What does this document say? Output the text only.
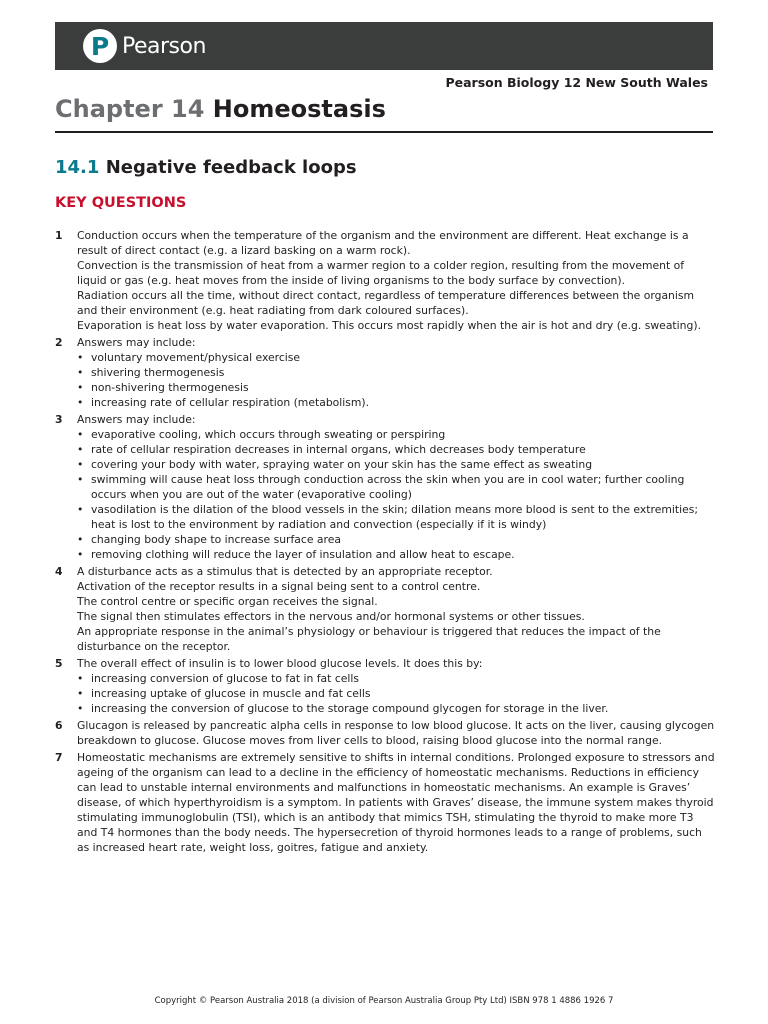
P Pearson
Pearson Biology 12 New South Wales
Chapter 14 Homeostasis
14.1 Negative feedback loops
KEY QUESTIONS
1	Conduction occurs when the temperature of the organism and the environment are different. Heat exchange is a result of direct contact (e.g. a lizard basking on a warm rock).

Convection is the transmission of heat from a warmer region to a colder region, resulting from the movement of liquid or gas (e.g. heat moves from the inside of living organisms to the body surface by convection).

Radiation occurs all the time, without direct contact, regardless of temperature differences between the organism and their environment (e.g. heat radiating from dark coloured surfaces).

Evaporation is heat loss by water evaporation. This occurs most rapidly when the air is hot and dry (e.g. sweating).

2	Answers may include:

• voluntary movement/physical exercise
• shivering thermogenesis
• non-shivering thermogenesis
• increasing rate of cellular respiration (metabolism).
3	Answers may include:

• evaporative cooling, which occurs through sweating or perspiring
• rate of cellular respiration decreases in internal organs, which decreases body temperature
• covering your body with water, spraying water on your skin has the same effect as sweating
• swimming will cause heat loss through conduction across the skin when you are in cool water; further cooling occurs when you are out of the water (evaporative cooling)
• vasodilation is the dilation of the blood vessels in the skin; dilation means more blood is sent to the extremities; heat is lost to the environment by radiation and convection (especially if it is windy)
• changing body shape to increase surface area
• removing clothing will reduce the layer of insulation and allow heat to escape.
4	A disturbance acts as a stimulus that is detected by an appropriate receptor.

Activation of the receptor results in a signal being sent to a control centre.

The control centre or specific organ receives the signal.

The signal then stimulates effectors in the nervous and/or hormonal systems or other tissues.

An appropriate response in the animal’s physiology or behaviour is triggered that reduces the impact of the disturbance on the receptor.

5	The overall effect of insulin is to lower blood glucose levels. It does this by:

• increasing conversion of glucose to fat in fat cells
• increasing uptake of glucose in muscle and fat cells
• increasing the conversion of glucose to the storage compound glycogen for storage in the liver.
6	Glucagon is released by pancreatic alpha cells in response to low blood glucose. It acts on the liver, causing glycogen breakdown to glucose. Glucose moves from liver cells to blood, raising blood glucose into the normal range.

7	Homeostatic mechanisms are extremely sensitive to shifts in internal conditions. Prolonged exposure to stressors and ageing of the organism can lead to a decline in the efficiency of homeostatic mechanisms. Reductions in efficiency can lead to unstable internal environments and malfunctions in homeostatic mechanisms. An example is Graves’ disease, of which hyperthyroidism is a symptom. In patients with Graves’ disease, the immune system makes thyroid stimulating immunoglobulin (TSI), which is an antibody that mimics TSH, stimulating the thyroid to make more T3 and T4 hormones than the body needs. The hypersecretion of thyroid hormones leads to a range of problems, such as increased heart rate, weight loss, goitres, fatigue and anxiety.

Copyright © Pearson Australia 2018 (a division of Pearson Australia Group Pty Ltd) ISBN 978 1 4886 1926 7
